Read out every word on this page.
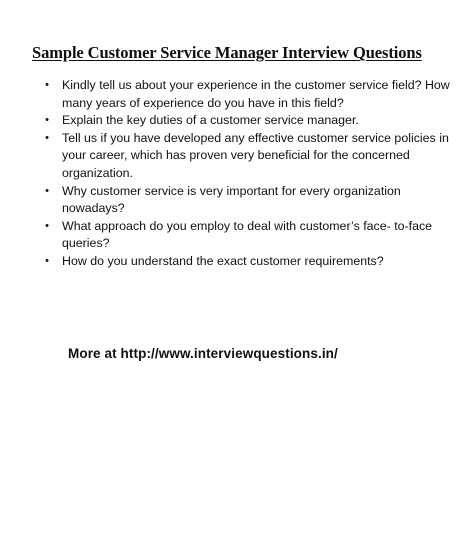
Sample Customer Service Manager Interview Questions
• Kindly tell us about your experience in the customer service field? How many years of experience do you have in this field?
• Explain the key duties of a customer service manager.
• Tell us if you have developed any effective customer service policies in your career, which has proven very beneficial for the concerned organization.
• Why customer service is very important for every organization nowadays?
• What approach do you employ to deal with customer’s face- to-face queries?
• How do you understand the exact customer requirements?

More at http://www.interviewquestions.in/
